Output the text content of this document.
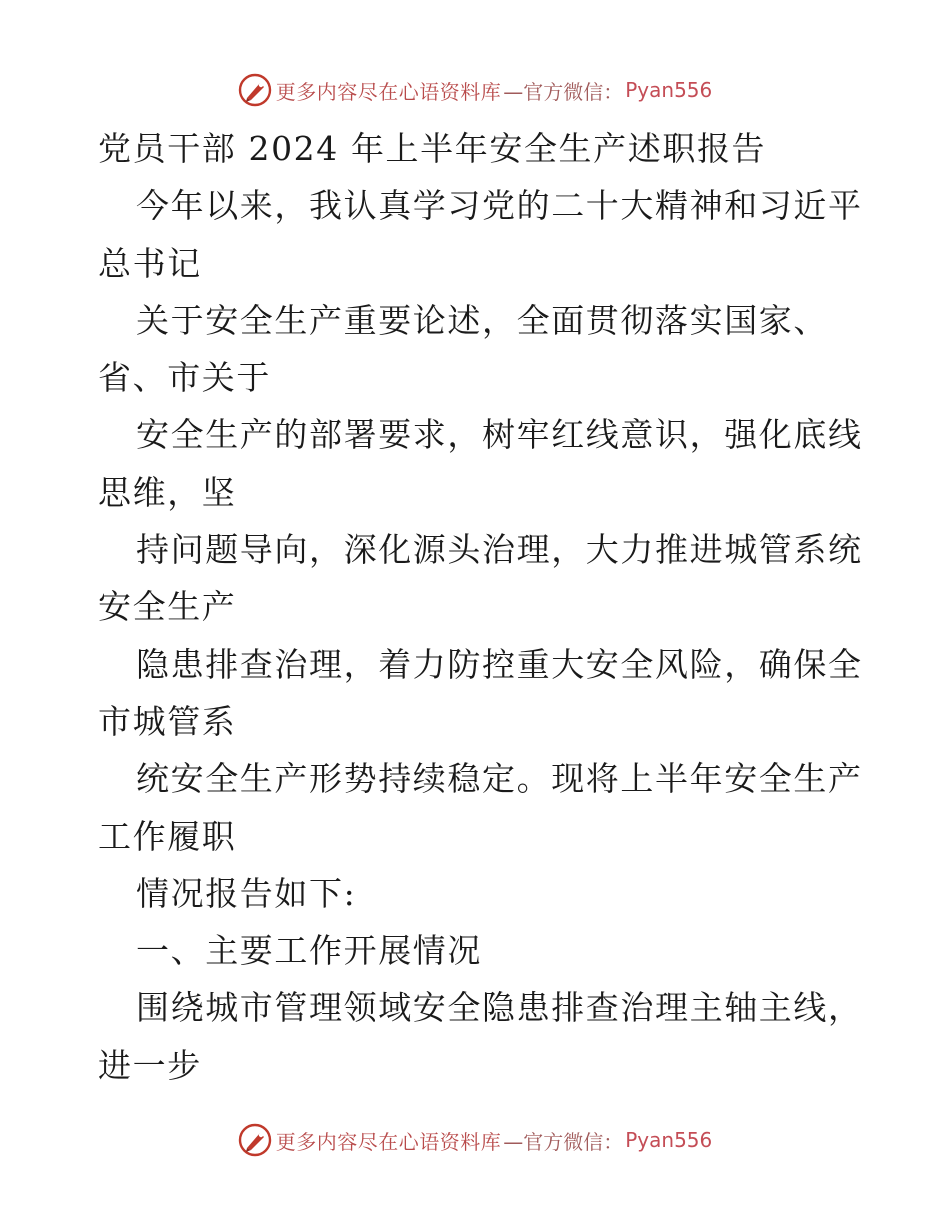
更多内容尽在心语资料库 —官方微信： Pyan556
党员干部 2024 年上半年安全生产述职报告
今年以来，我认真学习党的二十大精神和习近平
总书记
关于安全生产重要论述，全面贯彻落实国家、
省、市关于
安全生产的部署要求，树牢红线意识，强化底线
思维，坚
持问题导向，深化源头治理，大力推进城管系统
安全生产
隐患排查治理，着力防控重大安全风险，确保全
市城管系
统安全生产形势持续稳定。现将上半年安全生产
工作履职
情况报告如下:
一、主要工作开展情况
围绕城市管理领域安全隐患排查治理主轴主线，
进一步
更多内容尽在心语资料库 —官方微信： Pyan556
